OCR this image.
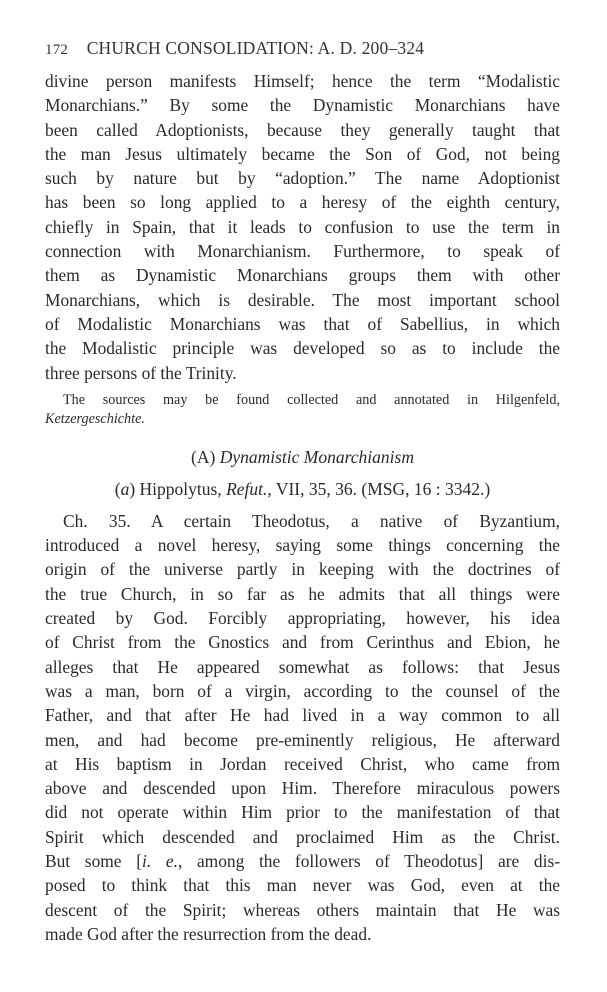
172 CHURCH CONSOLIDATION: A. D. 200–324
divine person manifests Himself; hence the term “Modalistic
Monarchians.” By some the Dynamistic Monarchians have
been called Adoptionists, because they generally taught that
the man Jesus ultimately became the Son of God, not being
such by nature but by “adoption.” The name Adoptionist
has been so long applied to a heresy of the eighth century,
chiefly in Spain, that it leads to confusion to use the term in
connection with Monarchianism. Furthermore, to speak of
them as Dynamistic Monarchians groups them with other
Monarchians, which is desirable. The most important school
of Modalistic Monarchians was that of Sabellius, in which
the Modalistic principle was developed so as to include the
three persons of the Trinity.
The sources may be found collected and annotated in Hilgenfeld,
Ketzergeschichte.
(A) Dynamistic Monarchianism
(a) Hippolytus, Refut., VII, 35, 36. (MSG, 16 : 3342.)
Ch. 35. A certain Theodotus, a native of Byzantium,
introduced a novel heresy, saying some things concerning the
origin of the universe partly in keeping with the doctrines of
the true Church, in so far as he admits that all things were
created by God. Forcibly appropriating, however, his idea
of Christ from the Gnostics and from Cerinthus and Ebion, he
alleges that He appeared somewhat as follows: that Jesus
was a man, born of a virgin, according to the counsel of the
Father, and that after He had lived in a way common to all
men, and had become pre-eminently religious, He afterward
at His baptism in Jordan received Christ, who came from
above and descended upon Him. Therefore miraculous powers
did not operate within Him prior to the manifestation of that
Spirit which descended and proclaimed Him as the Christ.
But some [i. e., among the followers of Theodotus] are dis-
posed to think that this man never was God, even at the
descent of the Spirit; whereas others maintain that He was
made God after the resurrection from the dead.
